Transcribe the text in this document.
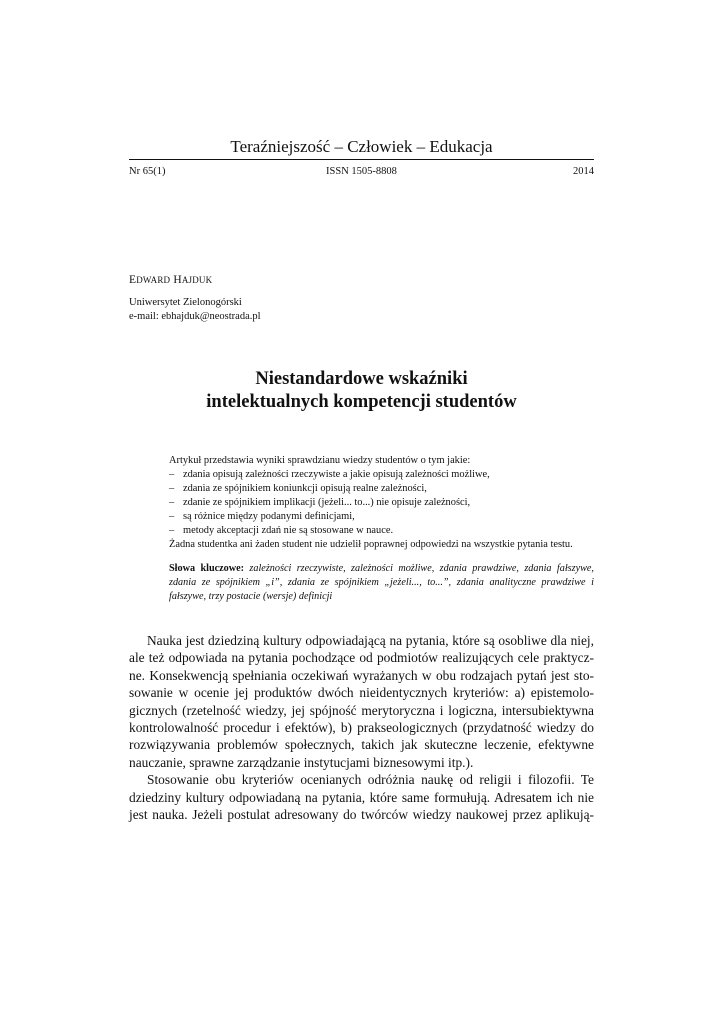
Teraźniejszość – Człowiek – Edukacja
Nr 65(1)	ISSN 1505-8808	2014
EDWARD HAJDUK
Uniwersytet Zielonogórski
e-mail: ebhajduk@neostrada.pl
Niestandardowe wskaźniki
intelektualnych kompetencji studentów
Artykuł przedstawia wyniki sprawdzianu wiedzy studentów o tym jakie:
– zdania opisują zależności rzeczywiste a jakie opisują zależności możliwe,
– zdania ze spójnikiem koniunkcji opisują realne zależności,
– zdanie ze spójnikiem implikacji (jeżeli... to...) nie opisuje zależności,
– są różnice między podanymi definicjami,
– metody akceptacji zdań nie są stosowane w nauce.
Żadna studentka ani żaden student nie udzielił poprawnej odpowiedzi na wszystkie pytania testu.
Słowa kluczowe: zależności rzeczywiste, zależności możliwe, zdania prawdziwe, zdania fałszywe, zdania ze spójnikiem „i”, zdania ze spójnikiem „jeżeli..., to...”, zdania analityczne prawdziwe i fałszywe, trzy postacie (wersje) definicji
Nauka jest dziedziną kultury odpowiadającą na pytania, które są osobliwe dla niej,
ale też odpowiada na pytania pochodzące od podmiotów realizujących cele praktycz-
ne. Konsekwencją spełniania oczekiwań wyrażanych w obu rodzajach pytań jest sto-
sowanie w ocenie jej produktów dwóch nieidentycznych kryteriów: a) epistemolo-
gicznych (rzetelność wiedzy, jej spójność merytoryczna i logiczna, intersubiektywna
kontrolowalność procedur i efektów), b) prakseologicznych (przydatność wiedzy do
rozwiązywania problemów społecznych, takich jak skuteczne leczenie, efektywne
nauczanie, sprawne zarządzanie instytucjami biznesowymi itp.).
Stosowanie obu kryteriów ocenianych odróżnia naukę od religii i filozofii. Te
dziedziny kultury odpowiadaną na pytania, które same formułują. Adresatem ich nie
jest nauka. Jeżeli postulat adresowany do twórców wiedzy naukowej przez aplikują-
